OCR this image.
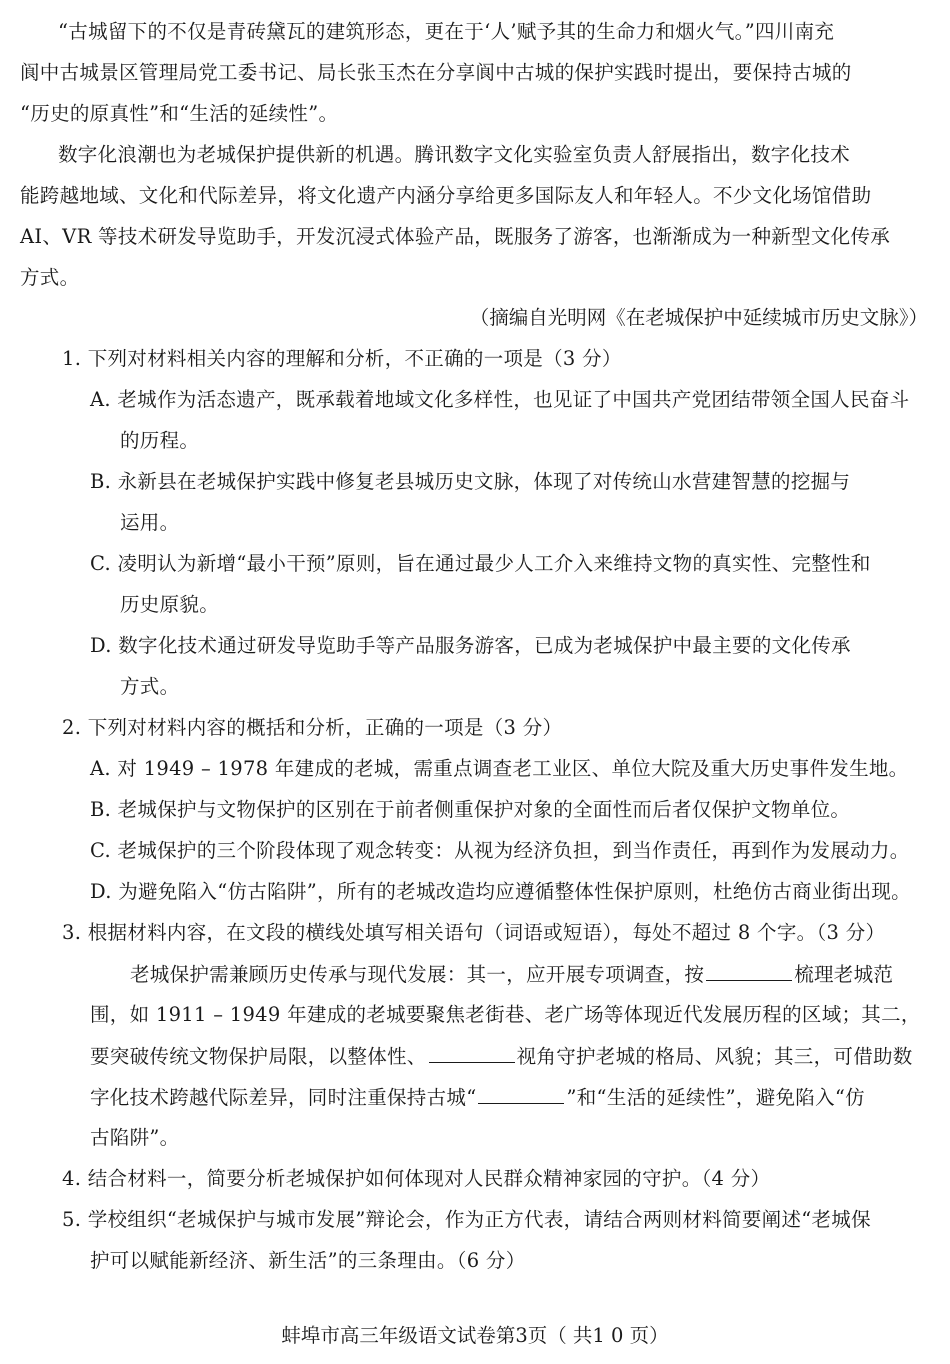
“古城留下的不仅是青砖黛瓦的建筑形态，更在于‘人’赋予其的生命力和烟火气。”四川南充
阆中古城景区管理局党工委书记、局长张玉杰在分享阆中古城的保护实践时提出，要保持古城的
“历史的原真性”和“生活的延续性”。
数字化浪潮也为老城保护提供新的机遇。腾讯数字文化实验室负责人舒展指出，数字化技术
能跨越地域、文化和代际差异，将文化遗产内涵分享给更多国际友人和年轻人。不少文化场馆借助
AI、VR 等技术研发导览助手，开发沉浸式体验产品，既服务了游客，也渐渐成为一种新型文化传承
方式。
（摘编自光明网《在老城保护中延续城市历史文脉》）
1. 下列对材料相关内容的理解和分析，不正确的一项是（3 分）
A. 老城作为活态遗产，既承载着地域文化多样性，也见证了中国共产党团结带领全国人民奋斗
的历程。
B. 永新县在老城保护实践中修复老县城历史文脉，体现了对传统山水营建智慧的挖掘与
运用。
C. 凌明认为新增“最小干预”原则，旨在通过最少人工介入来维持文物的真实性、完整性和
历史原貌。
D. 数字化技术通过研发导览助手等产品服务游客，已成为老城保护中最主要的文化传承
方式。
2. 下列对材料内容的概括和分析，正确的一项是（3 分）
A. 对 1949 – 1978 年建成的老城，需重点调查老工业区、单位大院及重大历史事件发生地。
B. 老城保护与文物保护的区别在于前者侧重保护对象的全面性而后者仅保护文物单位。
C. 老城保护的三个阶段体现了观念转变：从视为经济负担，到当作责任，再到作为发展动力。
D. 为避免陷入“仿古陷阱”，所有的老城改造均应遵循整体性保护原则，杜绝仿古商业街出现。
3. 根据材料内容，在文段的横线处填写相关语句（词语或短语），每处不超过 8 个字。（3 分）
老城保护需兼顾历史传承与现代发展：其一，应开展专项调查，按	梳理老城范
围，如 1911 – 1949 年建成的老城要聚焦老街巷、老广场等体现近代发展历程的区域；其二，
要突破传统文物保护局限，以整体性、	视角守护老城的格局、风貌；其三，可借助数
字化技术跨越代际差异，同时注重保持古城“	”和“生活的延续性”，避免陷入“仿
古陷阱”。
4. 结合材料一，简要分析老城保护如何体现对人民群众精神家园的守护。（4 分）
5. 学校组织“老城保护与城市发展”辩论会，作为正方代表，请结合两则材料简要阐述“老城保
护可以赋能新经济、新生活”的三条理由。（6 分）
蚌埠市高三年级语文试卷第3页（ 共1 0 页）
